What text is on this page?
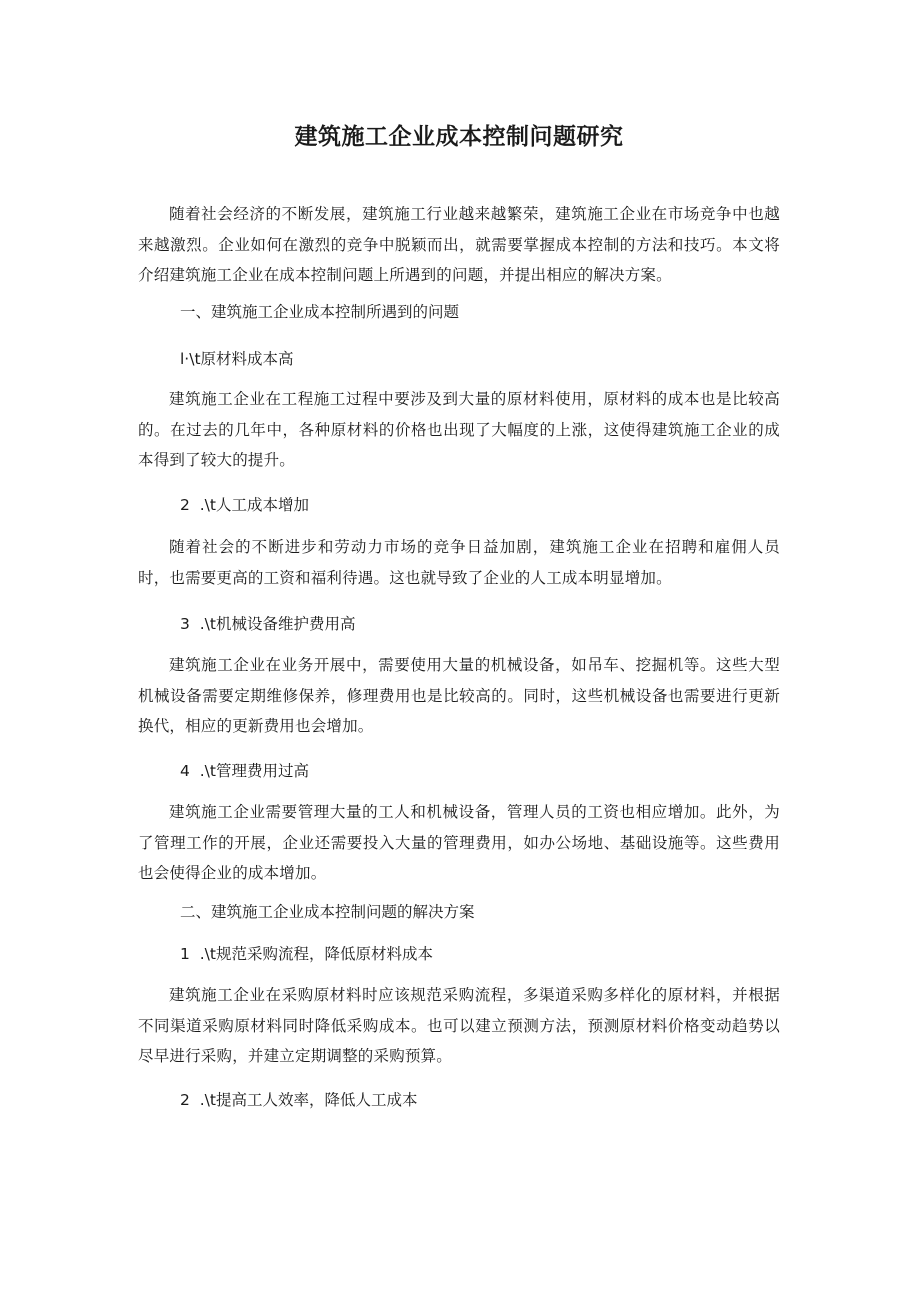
建筑施工企业成本控制问题研究

随着社会经济的不断发展，建筑施工行业越来越繁荣，建筑施工企业在市场竞争中也越来越激烈。企业如何在激烈的竞争中脱颖而出，就需要掌握成本控制的方法和技巧。本文将介绍建筑施工企业在成本控制问题上所遇到的问题，并提出相应的解决方案。

一、建筑施工企业成本控制所遇到的问题

l·\t原材料成本高

建筑施工企业在工程施工过程中要涉及到大量的原材料使用，原材料的成本也是比较高的。在过去的几年中，各种原材料的价格也出现了大幅度的上涨，这使得建筑施工企业的成本得到了较大的提升。

2  .\t人工成本增加

随着社会的不断进步和劳动力市场的竞争日益加剧，建筑施工企业在招聘和雇佣人员时，也需要更高的工资和福利待遇。这也就导致了企业的人工成本明显增加。

3  .\t机械设备维护费用高

建筑施工企业在业务开展中，需要使用大量的机械设备，如吊车、挖掘机等。这些大型机械设备需要定期维修保养，修理费用也是比较高的。同时，这些机械设备也需要进行更新换代，相应的更新费用也会增加。

4  .\t管理费用过高

建筑施工企业需要管理大量的工人和机械设备，管理人员的工资也相应增加。此外，为了管理工作的开展，企业还需要投入大量的管理费用，如办公场地、基础设施等。这些费用也会使得企业的成本增加。

二、建筑施工企业成本控制问题的解决方案

1  .\t规范采购流程，降低原材料成本

建筑施工企业在采购原材料时应该规范采购流程，多渠道采购多样化的原材料，并根据不同渠道采购原材料同时降低采购成本。也可以建立预测方法，预测原材料价格变动趋势以尽早进行采购，并建立定期调整的采购预算。

2  .\t提高工人效率，降低人工成本
